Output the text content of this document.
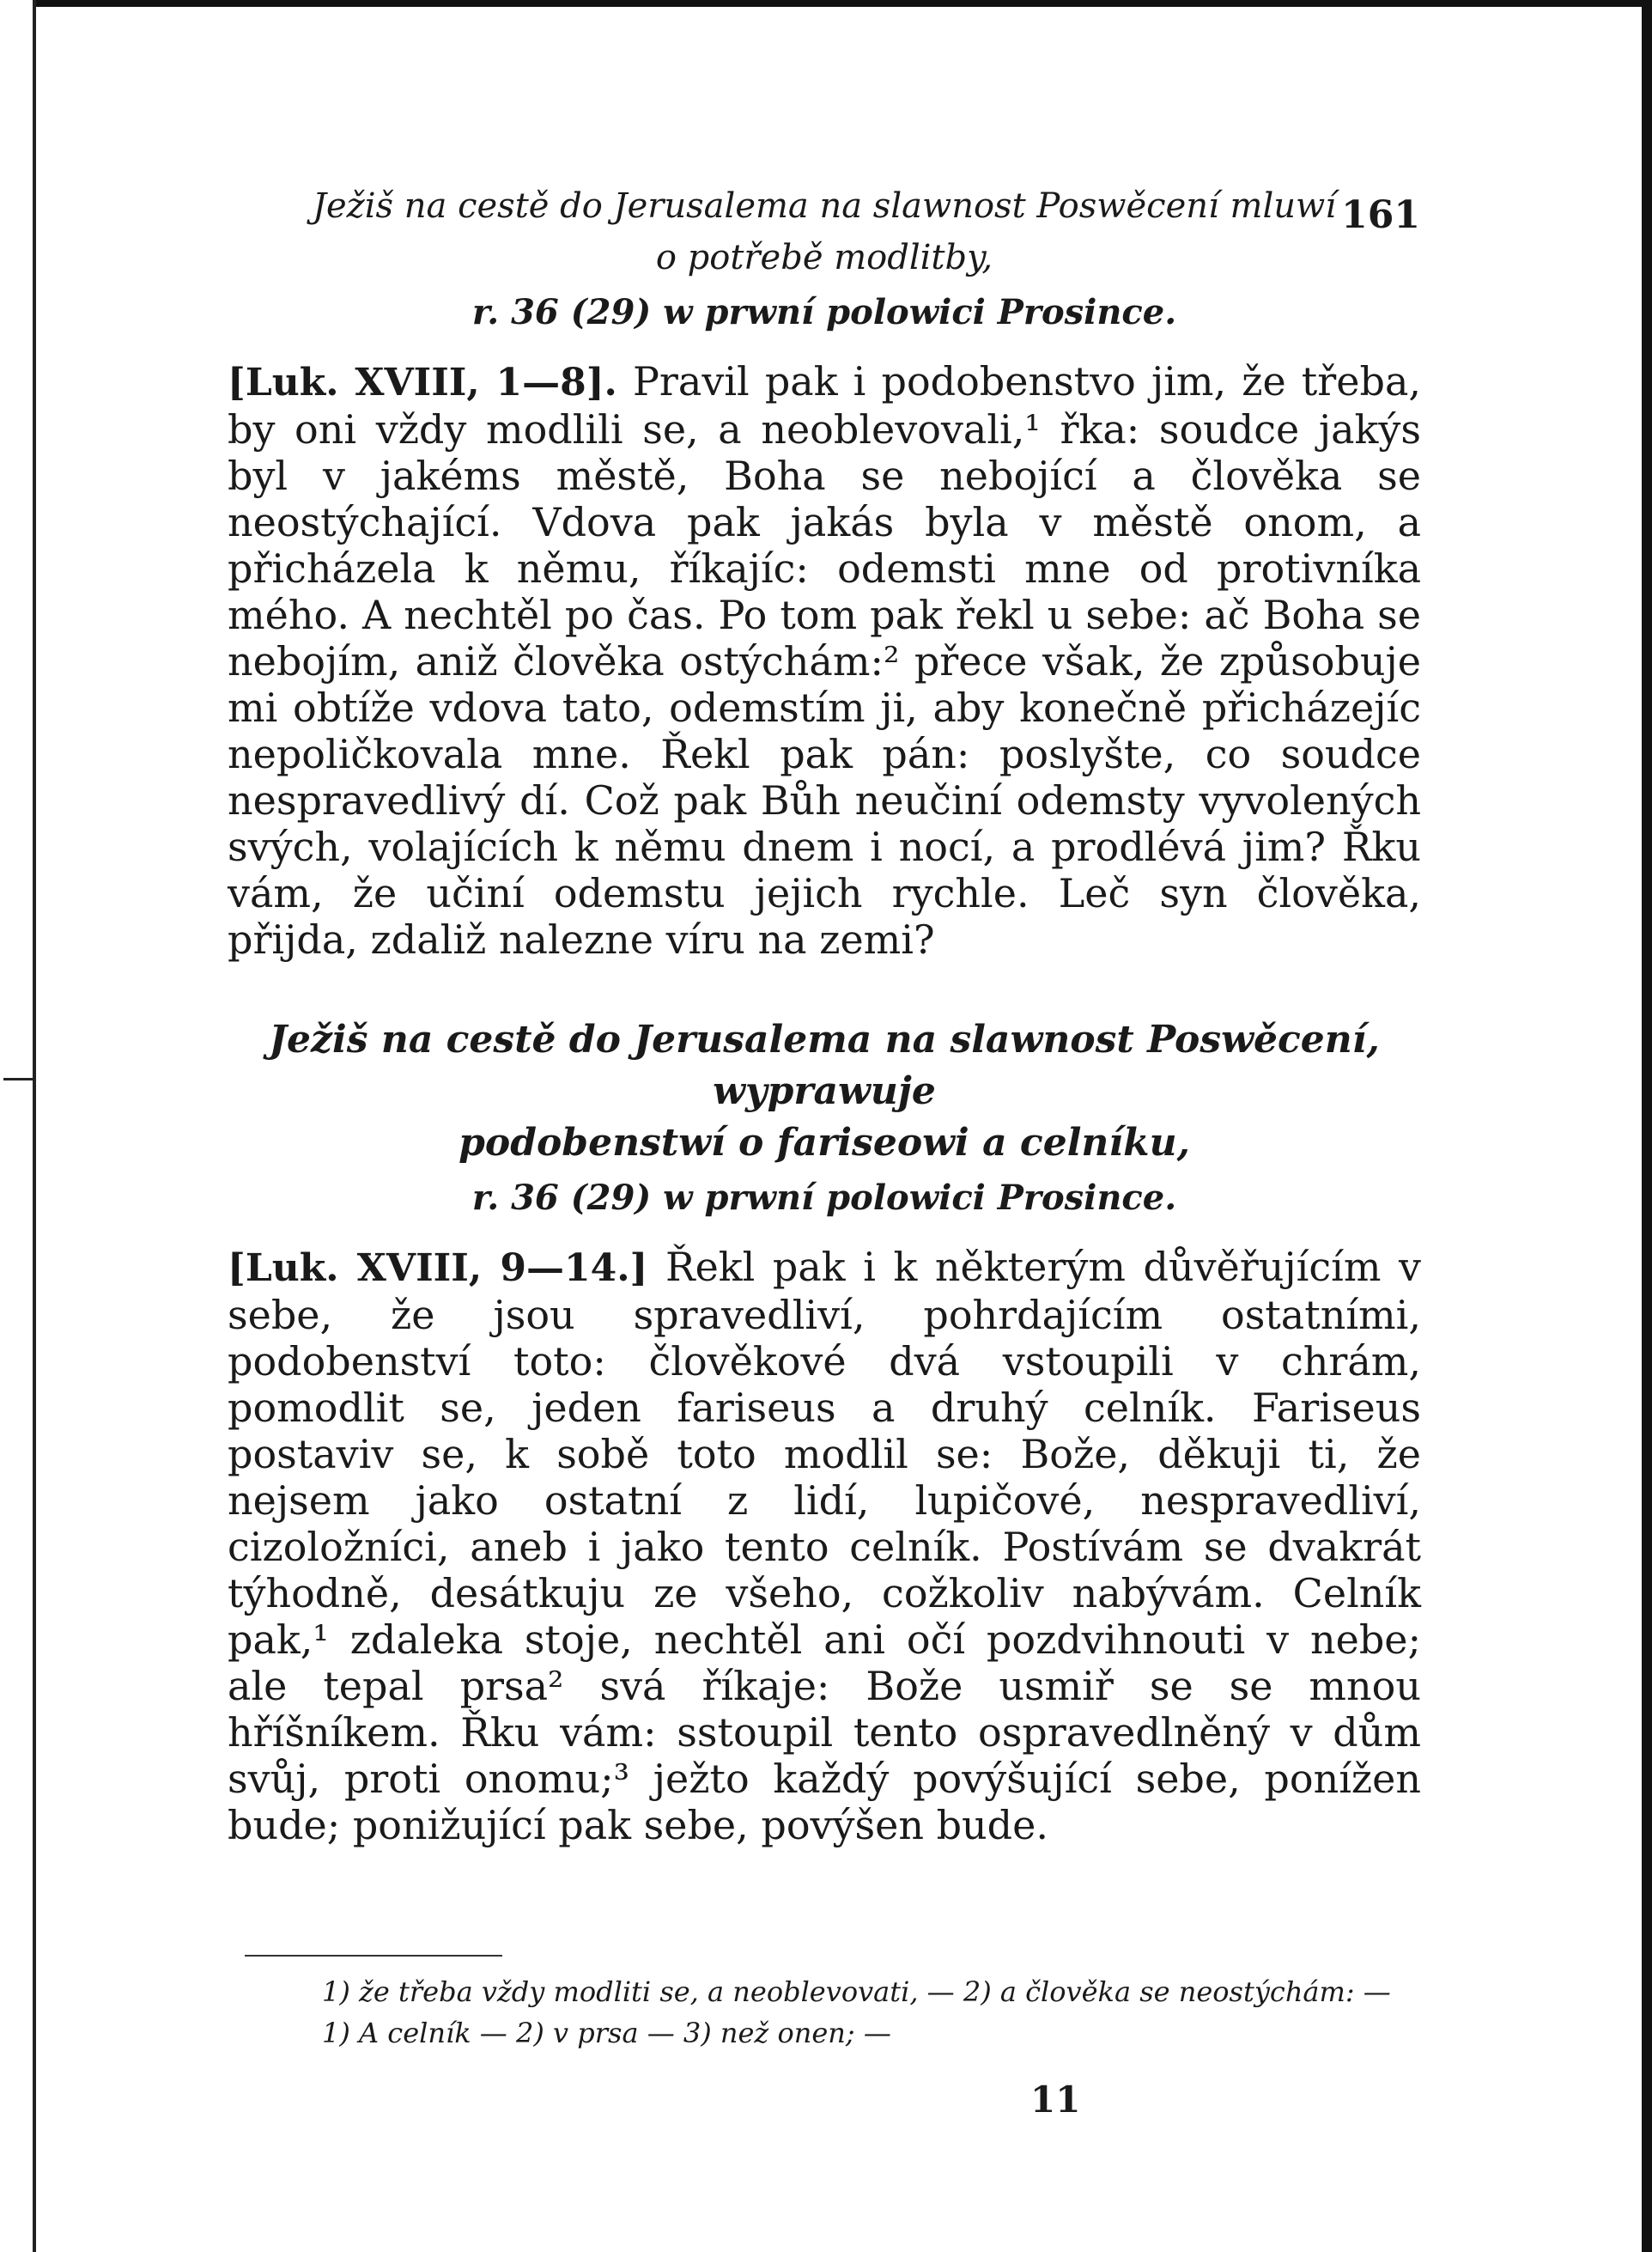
161
Ježiš na cestě do Jerusalema na slawnost Poswěcení mluwí
o potřebě modlitby,
r. 36 (29) w prwní polowici Prosince.

[Luk. XVIII, 1—8]. Pravil pak i podobenstvo jim, že třeba, by oni vždy modlili se, a neoblevovali,¹ řka: soudce jakýs byl v jakéms městě, Boha se nebojící a člověka se neostýchající. Vdova pak jakás byla v městě onom, a přicházela k němu, říkajíc: odemsti mne od protivníka mého. A nechtěl po čas. Po tom pak řekl u sebe: ač Boha se nebojím, aniž člověka ostýchám:² přece však, že způsobuje mi obtíže vdova tato, odemstím ji, aby konečně přicházejíc nepoličkovala mne. Řekl pak pán: poslyšte, co soudce nespravedlivý dí. Což pak Bůh neučiní odemsty vyvolených svých, volajících k němu dnem i nocí, a prodlévá jim? Řku vám, že učiní odemstu jejich rychle. Leč syn člověka, přijda, zdaliž nalezne víru na zemi?

Ježiš na cestě do Jerusalema na slawnost Poswěcení, wyprawuje
podobenstwí o fariseowi a celníku,
r. 36 (29) w prwní polowici Prosince.

[Luk. XVIII, 9—14.] Řekl pak i k některým důvěřujícím v sebe, že jsou spravedliví, pohrdajícím ostatními, podobenství toto: člověkové dvá vstoupili v chrám, pomodlit se, jeden fariseus a druhý celník. Fariseus postaviv se, k sobě toto modlil se: Bože, děkuji ti, že nejsem jako ostatní z lidí, lupičové, nespravedliví, cizoložníci, aneb i jako tento celník. Postívám se dvakrát týhodně, desátkuju ze všeho, cožkoliv nabývám. Celník pak,¹ zdaleka stoje, nechtěl ani očí pozdvihnouti v nebe; ale tepal prsa² svá říkaje: Bože usmiř se se mnou hříšníkem. Řku vám: sstoupil tento ospravedlněný v dům svůj, proti onomu;³ ježto každý povýšující sebe, ponížen bude; ponižující pak sebe, povýšen bude.

1) že třeba vždy modliti se, a neoblevovati, — 2) a člověka se neostýchám: —
1) A celník — 2) v prsa — 3) než onen; —
11
